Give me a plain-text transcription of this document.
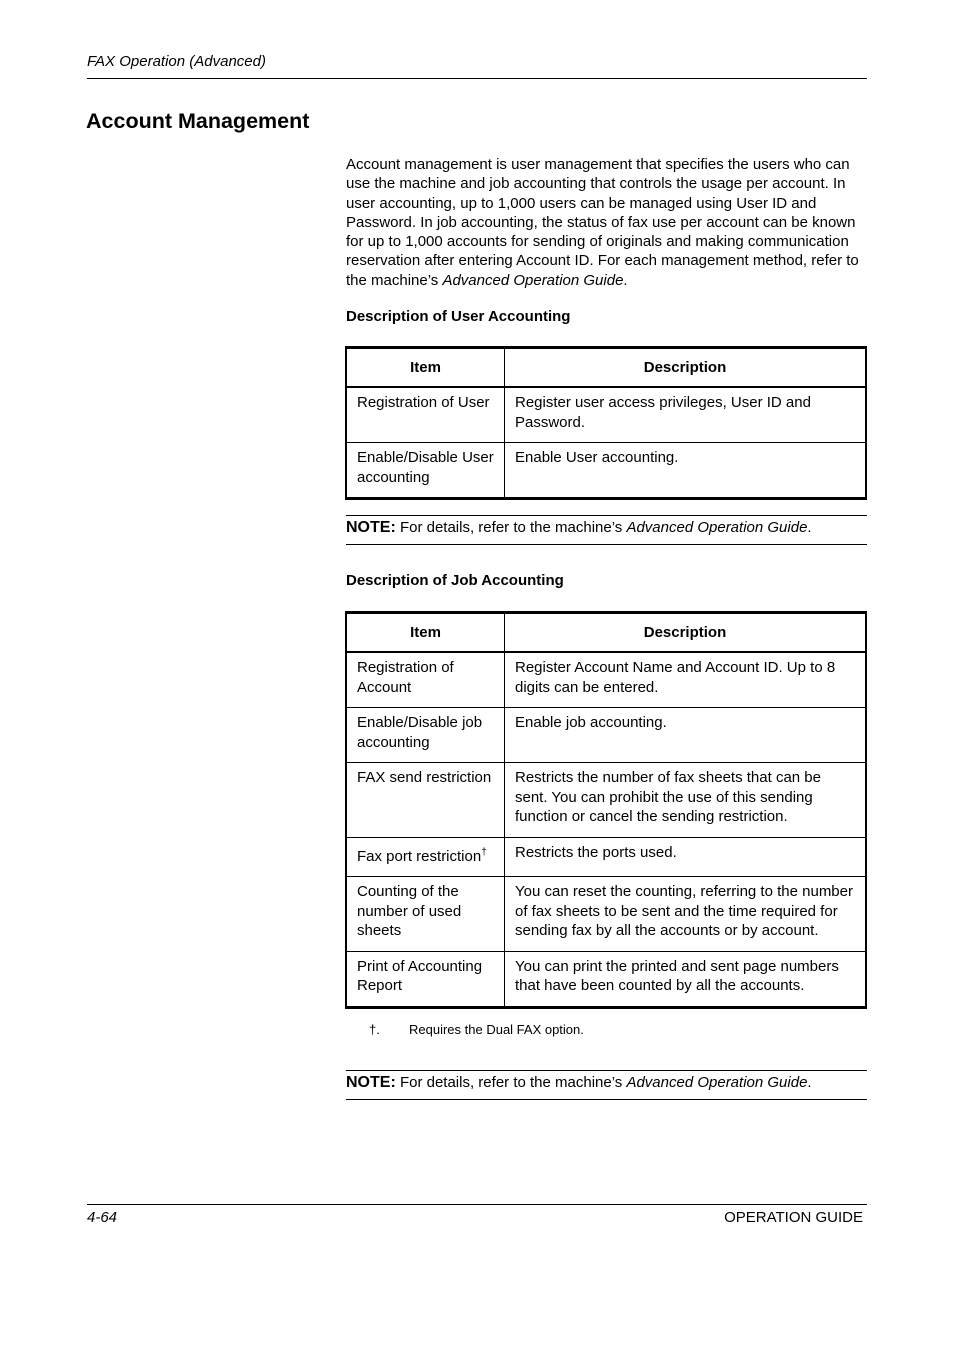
FAX Operation (Advanced)
Account Management

Account management is user management that specifies the users who can use the machine and job accounting that controls the usage per account. In user accounting, up to 1,000 users can be managed using User ID and Password. In job accounting, the status of fax use per account can be known for up to 1,000 accounts for sending of originals and making communication reservation after entering Account ID. For each management method, refer to the machine’s Advanced Operation Guide.

Description of User Accounting
Item	Description
Registration of User	Register user access privileges, User ID and Password.
Enable/Disable User accounting	Enable User accounting.
NOTE: For details, refer to the machine’s Advanced Operation Guide.
Description of Job Accounting
Item	Description
Registration of Account	Register Account Name and Account ID. Up to 8 digits can be entered.
Enable/Disable job accounting	Enable job accounting.
FAX send restriction	Restricts the number of fax sheets that can be sent. You can prohibit the use of this sending function or cancel the sending restriction.
Fax port restriction†	Restricts the ports used.
Counting of the number of used sheets	You can reset the counting, referring to the number of fax sheets to be sent and the time required for sending fax by all the accounts or by account.
Print of Accounting Report	You can print the printed and sent page numbers that have been counted by all the accounts.
†. Requires the Dual FAX option.
NOTE: For details, refer to the machine’s Advanced Operation Guide.
4-64	OPERATION GUIDE
